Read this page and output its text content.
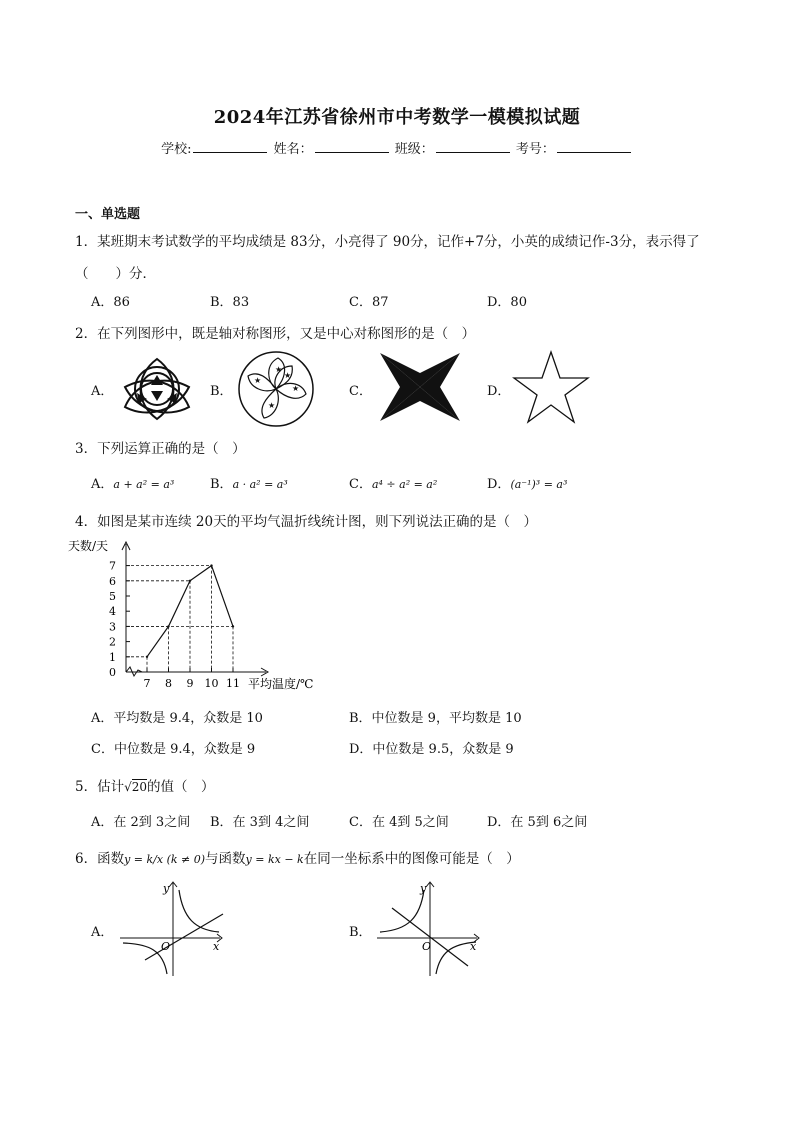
2024年江苏省徐州市中考数学一模模拟试题
学校:	姓名：	班级：	考号：
一、单选题
1．某班期末考试数学的平均成绩是 83分，小亮得了 90分，记作+7分，小英的成绩记作-3分，表示得了
（　　）分．
A．86	B．83	C．87	D．80
2．在下列图形中，既是轴对称图形，又是中心对称图形的是（　）
A．	B．	C．	D．
★
★
★
★
★
3．下列运算正确的是（　）
A．a + a² = a³	B．a · a² = a³	C．a⁴ ÷ a² = a²	D．(a⁻¹)³ = a³
4．如图是某市连续 20天的平均气温折线统计图，则下列说法正确的是（　）
天数/天
平均温度/℃
0
1
2
3
4
5
6
7
7 8 9 10 11
A．平均数是 9.4，众数是 10	B．中位数是 9，平均数是 10
C．中位数是 9.4，众数是 9	D．中位数是 9.5，众数是 9
5．估计√20的值（　）
A．在 2到 3之间 B．在 3到 4之间	C．在 4到 5之间	D．在 5到 6之间
6．函数y = k/x (k ≠ 0)与函数y = kx − k在同一坐标系中的图像可能是（　）
A．	B．
y
x
O
y
x
O
